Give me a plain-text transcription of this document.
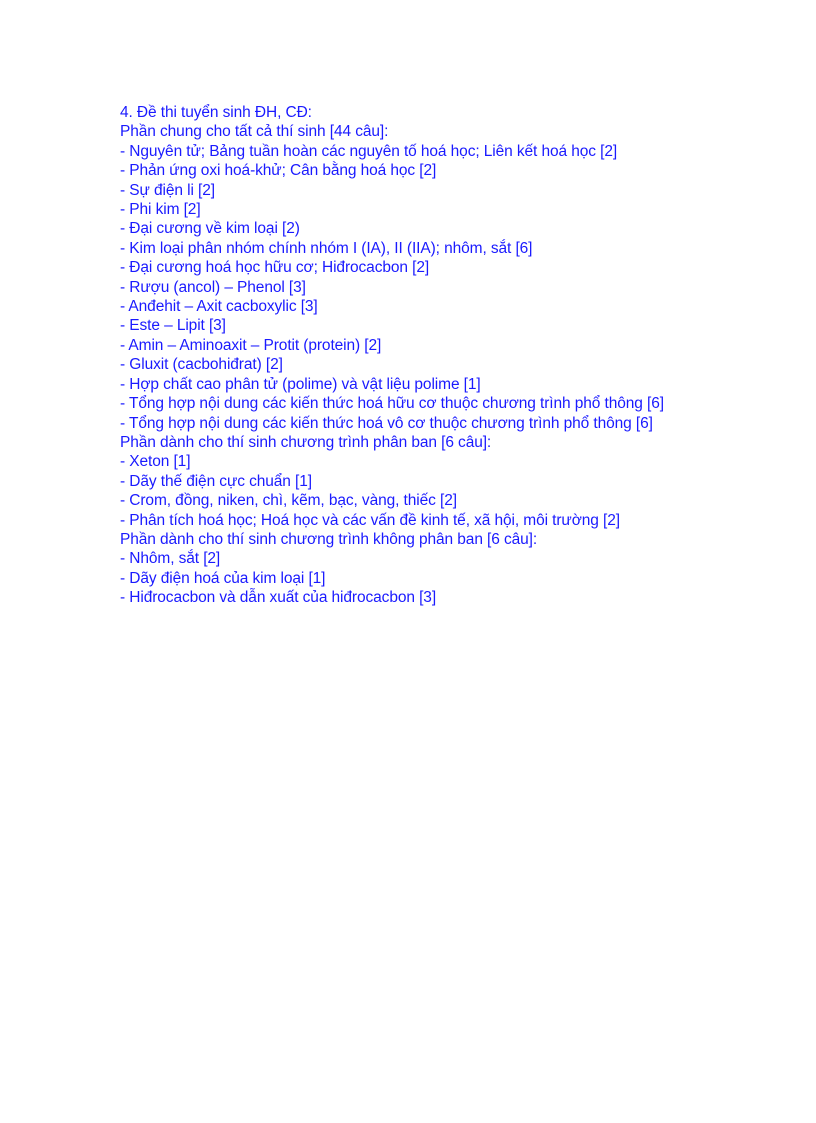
4. Đề thi tuyển sinh ĐH, CĐ:
Phần chung cho tất cả thí sinh [44 câu]:
- Nguyên tử; Bảng tuần hoàn các nguyên tố hoá học; Liên kết hoá học [2]
- Phản ứng oxi hoá-khử; Cân bằng hoá học [2]
- Sự điện li [2]
- Phi kim [2]
- Đại cương về kim loại [2)
- Kim loại phân nhóm chính nhóm I (IA), II (IIA); nhôm, sắt [6]
- Đại cương hoá học hữu cơ; Hiđrocacbon [2]
- Rượu (ancol) – Phenol [3]
- Anđehit – Axit cacboxylic [3]
- Este – Lipit [3]
- Amin – Aminoaxit – Protit (protein) [2]
- Gluxit (cacbohiđrat) [2]
- Hợp chất cao phân tử (polime) và vật liệu polime [1]
- Tổng hợp nội dung các kiến thức hoá hữu cơ thuộc chương trình phổ thông [6]
- Tổng hợp nội dung các kiến thức hoá vô cơ thuộc chương trình phổ thông [6]
Phần dành cho thí sinh chương trình phân ban [6 câu]:
- Xeton [1]
- Dãy thế điện cực chuẩn [1]
- Crom, đồng, niken, chì, kẽm, bạc, vàng, thiếc [2]
- Phân tích hoá học; Hoá học và các vấn đề kinh tế, xã hội, môi trường [2]
Phần dành cho thí sinh chương trình không phân ban [6 câu]:
- Nhôm, sắt [2]
- Dãy điện hoá của kim loại [1]
- Hiđrocacbon và dẫn xuất của hiđrocacbon [3]
